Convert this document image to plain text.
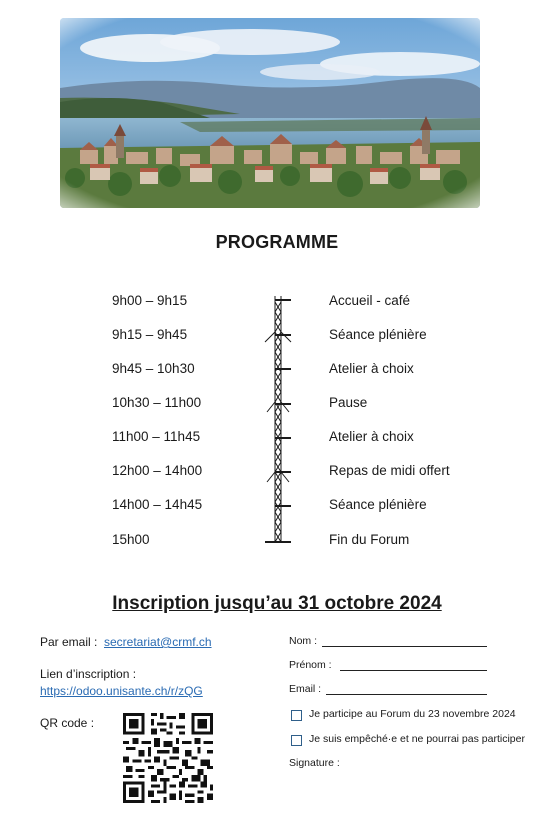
PROGRAMME
9h00 – 9h15	Accueil - café
9h15 – 9h45	Séance plénière
9h45 – 10h30	Atelier à choix
10h30 – 11h00	Pause
11h00 – 11h45	Atelier à choix
12h00 – 14h00	Repas de midi offert
14h00 – 14h45	Séance plénière
15h00	Fin du Forum
Inscription jusqu’au 31 octobre 2024
Par email : secretariat@crmf.ch
Lien d’inscription :
https://odoo.unisante.ch/r/zQG
QR code :
Nom :
Prénom :
Email :
Je participe au Forum du 23 novembre 2024
Je suis empêché·e et ne pourrai pas participer
Signature :
